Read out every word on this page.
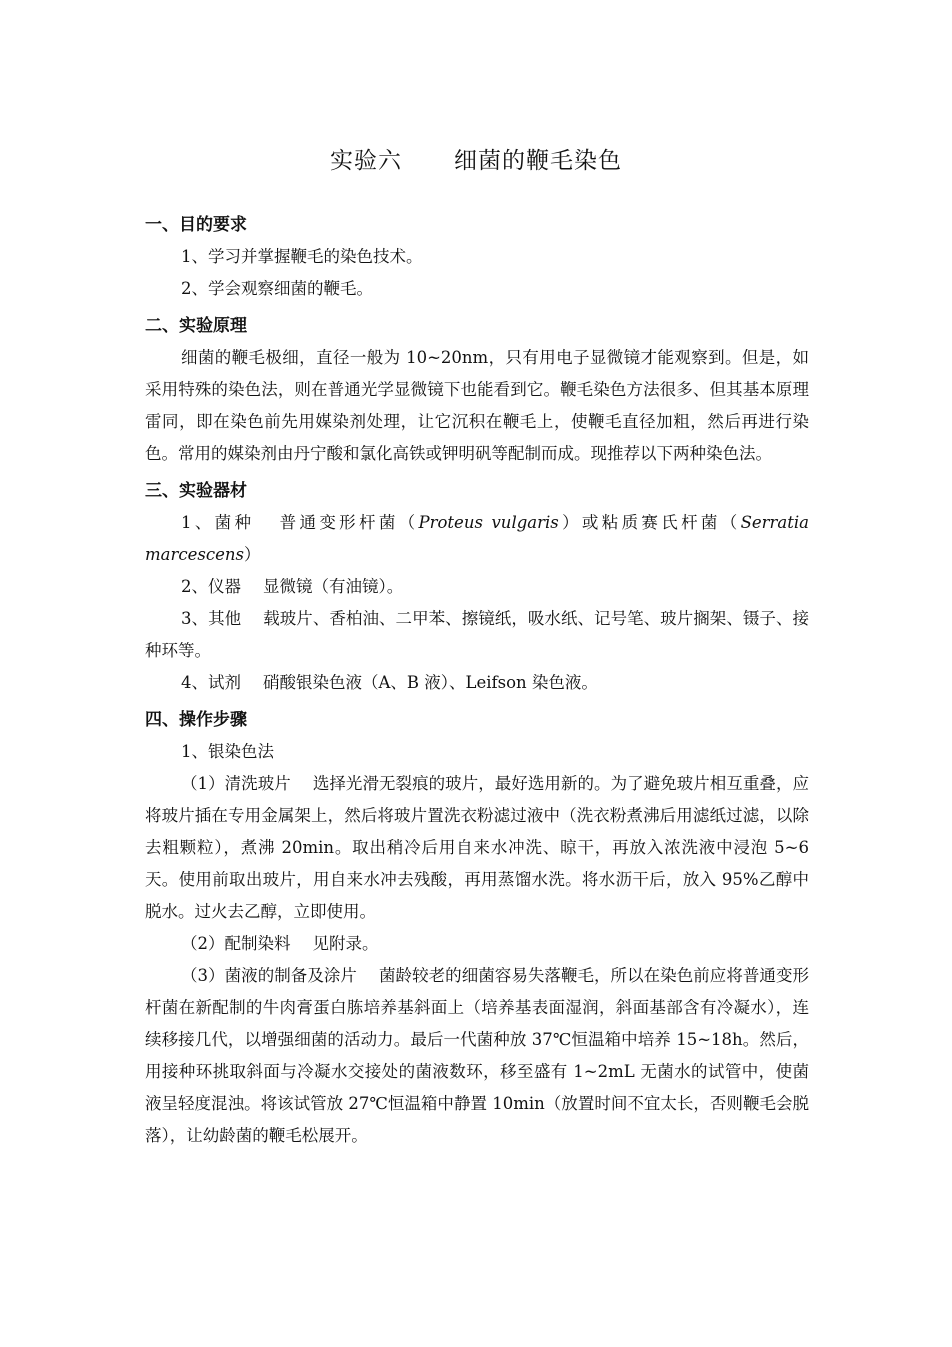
实验六 细菌的鞭毛染色
一、目的要求

1、学习并掌握鞭毛的染色技术。

2、学会观察细菌的鞭毛。

二、实验原理

细菌的鞭毛极细，直径一般为 10~20nm，只有用电子显微镜才能观察到。但是，如采用特殊的染色法，则在普通光学显微镜下也能看到它。鞭毛染色方法很多、但其基本原理雷同，即在染色前先用媒染剂处理，让它沉积在鞭毛上，使鞭毛直径加粗，然后再进行染色。常用的媒染剂由丹宁酸和氯化高铁或钾明矾等配制而成。现推荐以下两种染色法。

三、实验器材

1、菌种 普通变形杆菌（Proteus vulgaris）或粘质赛氏杆菌（Serratia marcescens）

2、仪器 显微镜（有油镜）。

3、其他 载玻片、香柏油、二甲苯、擦镜纸，吸水纸、记号笔、玻片搁架、镊子、接种环等。

4、试剂 硝酸银染色液（A、B 液）、Leifson 染色液。

四、操作步骤

1、银染色法

（1）清洗玻片 选择光滑无裂痕的玻片，最好选用新的。为了避免玻片相互重叠，应将玻片插在专用金属架上，然后将玻片置洗衣粉滤过液中（洗衣粉煮沸后用滤纸过滤，以除去粗颗粒），煮沸 20min。取出稍冷后用自来水冲洗、晾干，再放入浓洗液中浸泡 5~6 天。使用前取出玻片，用自来水冲去残酸，再用蒸馏水洗。将水沥干后，放入 95%乙醇中脱水。过火去乙醇，立即使用。

（2）配制染料 见附录。

（3）菌液的制备及涂片 菌龄较老的细菌容易失落鞭毛，所以在染色前应将普通变形杆菌在新配制的牛肉膏蛋白胨培养基斜面上（培养基表面湿润，斜面基部含有冷凝水），连续移接几代，以增强细菌的活动力。最后一代菌种放 37℃恒温箱中培养 15~18h。然后，用接种环挑取斜面与冷凝水交接处的菌液数环，移至盛有 1~2mL 无菌水的试管中，使菌液呈轻度混浊。将该试管放 27℃恒温箱中静置 10min（放置时间不宜太长，否则鞭毛会脱落），让幼龄菌的鞭毛松展开。
